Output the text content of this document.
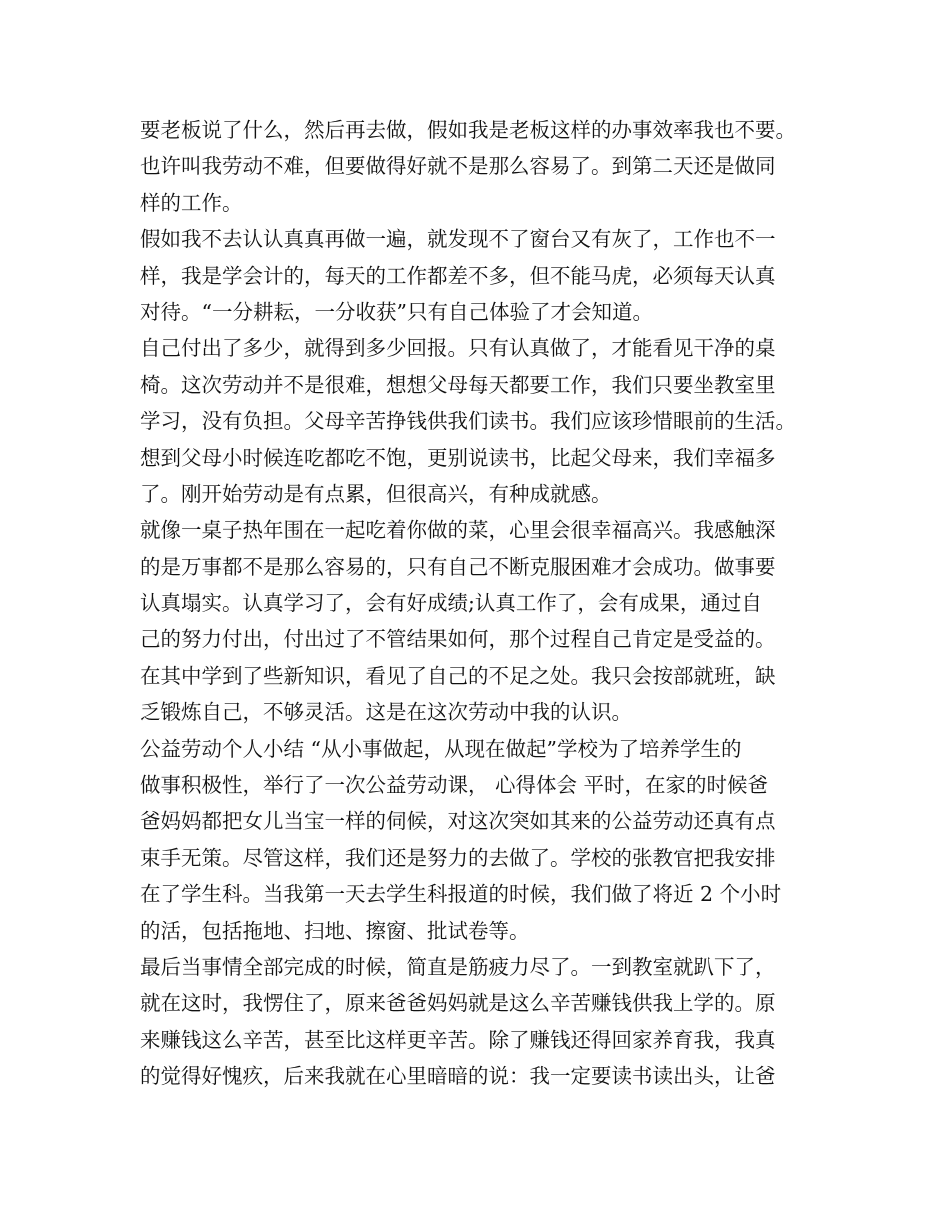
要老板说了什么，然后再去做，假如我是老板这样的办事效率我也不要。
也许叫我劳动不难，但要做得好就不是那么容易了。到第二天还是做同
样的工作。
假如我不去认认真真再做一遍，就发现不了窗台又有灰了，工作也不一
样，我是学会计的，每天的工作都差不多，但不能马虎，必须每天认真
对待。“一分耕耘，一分收获”只有自己体验了才会知道。
自己付出了多少，就得到多少回报。只有认真做了，才能看见干净的桌
椅。这次劳动并不是很难，想想父母每天都要工作，我们只要坐教室里
学习，没有负担。父母辛苦挣钱供我们读书。我们应该珍惜眼前的生活。
想到父母小时候连吃都吃不饱，更别说读书，比起父母来，我们幸福多
了。刚开始劳动是有点累，但很高兴，有种成就感。
就像一桌子热年围在一起吃着你做的菜，心里会很幸福高兴。我感触深
的是万事都不是那么容易的，只有自己不断克服困难才会成功。做事要
认真塌实。认真学习了，会有好成绩;认真工作了，会有成果，通过自
己的努力付出，付出过了不管结果如何，那个过程自己肯定是受益的。
在其中学到了些新知识，看见了自己的不足之处。我只会按部就班，缺
乏锻炼自己，不够灵活。这是在这次劳动中我的认识。
公益劳动个人小结 “从小事做起，从现在做起”学校为了培养学生的
做事积极性，举行了一次公益劳动课， 心得体会 平时，在家的时候爸
爸妈妈都把女儿当宝一样的伺候，对这次突如其来的公益劳动还真有点
束手无策。尽管这样，我们还是努力的去做了。学校的张教官把我安排
在了学生科。当我第一天去学生科报道的时候，我们做了将近 2 个小时
的活，包括拖地、扫地、擦窗、批试卷等。
最后当事情全部完成的时候，简直是筋疲力尽了。一到教室就趴下了，
就在这时，我愣住了，原来爸爸妈妈就是这么辛苦赚钱供我上学的。原
来赚钱这么辛苦，甚至比这样更辛苦。除了赚钱还得回家养育我，我真
的觉得好愧疚，后来我就在心里暗暗的说：我一定要读书读出头，让爸
